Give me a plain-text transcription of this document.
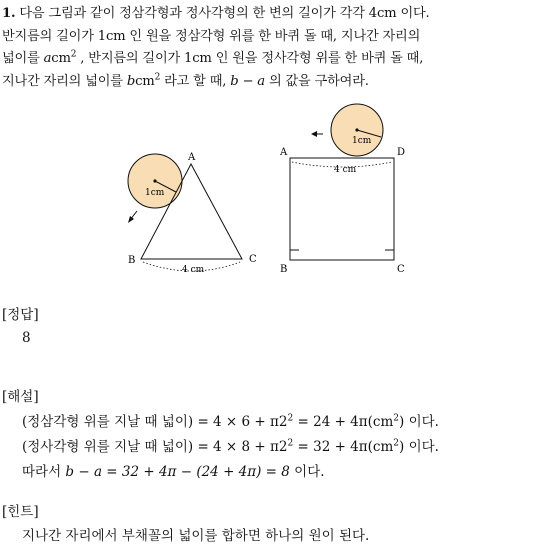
1. 다음 그림과 같이 정삼각형과 정사각형의 한 변의 길이가 각각 4cm 이다.
반지름의 길이가 1cm 인 원을 정삼각형 위를 한 바퀴 돌 때, 지나간 자리의
넓이를 acm$^2$ , 반지름의 길이가 1cm 인 원을 정사각형 위를 한 바퀴 돌 때,
지나간 자리의 넓이를 bcm$^2$ 라고 할 때, b − a 의 값을 구하여라.
1cm
4 cm
A
B	C
1cm
4 cm
A	D
B	C
[정답]
8
[해설]
(정삼각형 위를 지날 때 넓이) = $4 \times 6 + \pi 2^2 = 24 + 4\pi(cm^2)$ 이다.
(정사각형 위를 지날 때 넓이) = $4 \times 8 + \pi 2^2 = 32 + 4\pi(cm^2)$ 이다.
따라서 b − a = 32 + 4π − (24 + 4π) = 8 이다.
[힌트]
지나간 자리에서 부채꼴의 넓이를 합하면 하나의 원이 된다.
